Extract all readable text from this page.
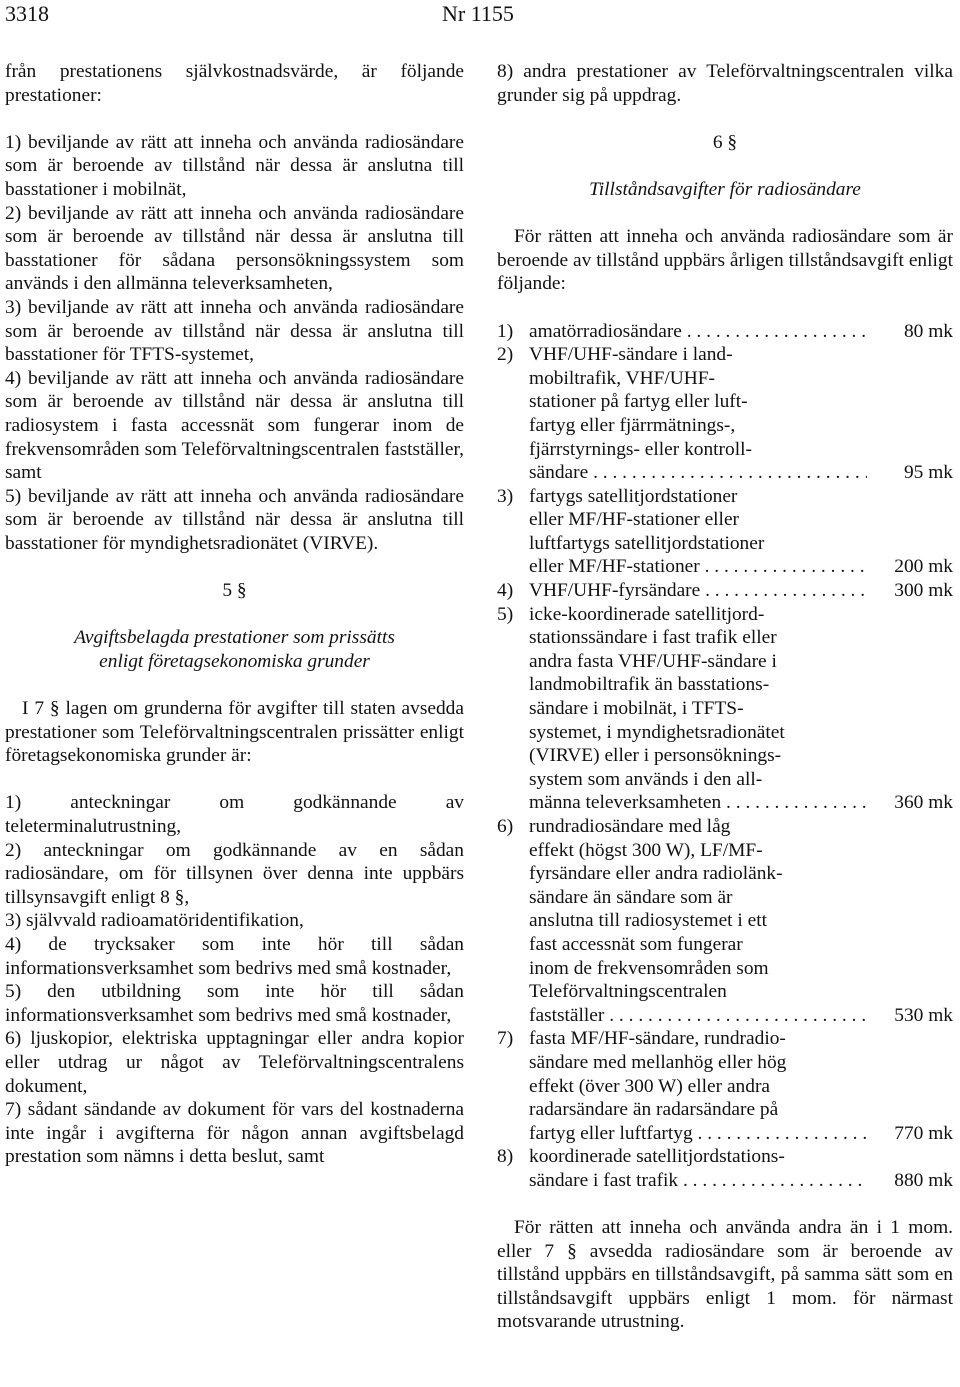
3318	Nr 1155

från prestationens självkostnadsvärde, är följande prestationer:

1) beviljande av rätt att inneha och använda radiosändare som är beroende av tillstånd när dessa är anslutna till basstationer i mobilnät,

2) beviljande av rätt att inneha och använda radiosändare som är beroende av tillstånd när dessa är anslutna till basstationer för sådana personsökningssystem som används i den allmänna televerksamheten,

3) beviljande av rätt att inneha och använda radiosändare som är beroende av tillstånd när dessa är anslutna till basstationer för TFTS-systemet,

4) beviljande av rätt att inneha och använda radiosändare som är beroende av tillstånd när dessa är anslutna till radiosystem i fasta accessnät som fungerar inom de frekvensområden som Teleförvaltningscentralen fastställer, samt

5) beviljande av rätt att inneha och använda radiosändare som är beroende av tillstånd när dessa är anslutna till basstationer för myndighetsradionätet (VIRVE).

5 §

Avgiftsbelagda prestationer som prissätts

enligt företagsekonomiska grunder

I 7 § lagen om grunderna för avgifter till staten avsedda prestationer som Teleförvaltningscentralen prissätter enligt företagsekonomiska grunder är:

1) anteckningar om godkännande av teleterminalutrustning,

2) anteckningar om godkännande av en sådan radiosändare, om för tillsynen över denna inte uppbärs tillsynsavgift enligt 8 §,

3) självvald radioamatöridentifikation,

4) de trycksaker som inte hör till sådan informationsverksamhet som bedrivs med små kostnader,

5) den utbildning som inte hör till sådan informationsverksamhet som bedrivs med små kostnader,

6) ljuskopior, elektriska upptagningar eller andra kopior eller utdrag ur något av Teleförvaltningscentralens dokument,

7) sådant sändande av dokument för vars del kostnaderna inte ingår i avgifterna för någon annan avgiftsbelagd prestation som nämns i detta beslut, samt

8) andra prestationer av Teleförvaltningscentralen vilka grunder sig på uppdrag.

6 §

Tillståndsavgifter för radiosändare

För rätten att inneha och använda radiosändare som är beroende av tillstånd uppbärs årligen tillståndsavgift enligt följande:

1) amatörradiosändare . . .	80 mk
2) VHF/UHF-sändare i land-
mobiltrafik, VHF/UHF-
stationer på fartyg eller luft-
fartyg eller fjärrmätnings-,
fjärrstyrnings- eller kontroll-
sändare . . .	95 mk
3) fartygs satellitjordstationer
eller MF/HF-stationer eller
luftfartygs satellitjordstationer
eller MF/HF-stationer . . .	200 mk
4) VHF/UHF-fyrsändare . . .	300 mk
5) icke-koordinerade satellitjord-
stationssändare i fast trafik eller
andra fasta VHF/UHF-sändare i
landmobiltrafik än basstations-
sändare i mobilnät, i TFTS-
systemet, i myndighetsradionätet
(VIRVE) eller i personsöknings-
system som används i den all-
männa televerksamheten . . .	360 mk
6) rundradiosändare med låg
effekt (högst 300 W), LF/MF-
fyrsändare eller andra radiolänk-
sändare än sändare som är
anslutna till radiosystemet i ett
fast accessnät som fungerar
inom de frekvensområden som
Teleförvaltningscentralen
fastställer . . .	530 mk
7) fasta MF/HF-sändare, rundradio-
sändare med mellanhög eller hög
effekt (över 300 W) eller andra
radarsändare än radarsändare på
fartyg eller luftfartyg . . .	770 mk
8) koordinerade satellitjordstations-
sändare i fast trafik . . .	880 mk

För rätten att inneha och använda andra än i 1 mom. eller 7 § avsedda radiosändare som är beroende av tillstånd uppbärs en tillståndsavgift, på samma sätt som en tillståndsavgift uppbärs enligt 1 mom. för närmast motsvarande utrustning.
